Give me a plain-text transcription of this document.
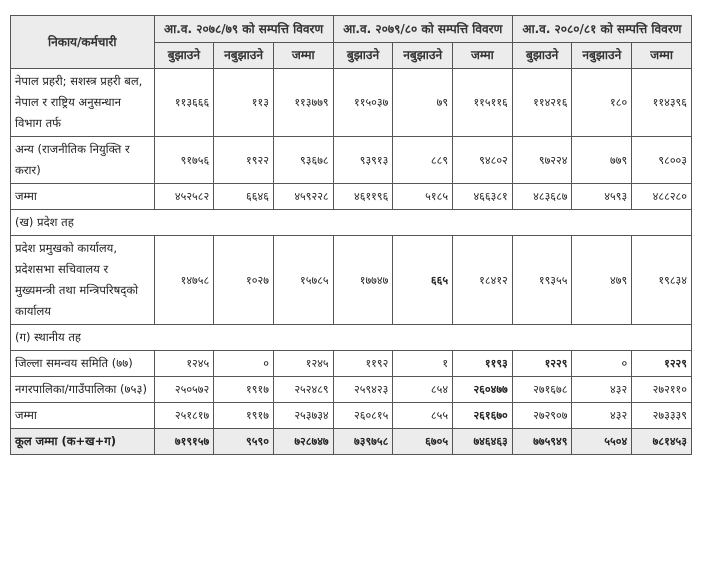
निकाय/कर्मचारी	आ.व. २०७८/७९ को सम्पत्ति विवरण			आ.व. २०७९/८० को सम्पत्ति विवरण			आ.व. २०८०/८१ को सम्पत्ति विवरण		
	बुझाउने	नबुझाउने	जम्मा	बुझाउने	नबुझाउने	जम्मा	बुझाउने	नबुझाउने	जम्मा
नेपाल प्रहरी; सशस्त्र प्रहरी बल, नेपाल र राष्ट्रिय अनुसन्धान विभाग तर्फ	११३६६६	११३	११३७७९	११५०३७	७९	११५११६	११४२१६	१८०	११४३९६
अन्य (राजनीतिक नियुक्ति र करार)	९१७५६	१९२२	९३६७८	९३९१३	८८९	९४८०२	९७२२४	७७९	९८००३
जम्मा	४५२५८२	६६४६	४५९२२८	४६११९६	५१८५	४६६३८१	४८३६८७	४५९३	४८८२८०
(ख) प्रदेश तह									
प्रदेश प्रमुखको कार्यालय, प्रदेशसभा सचिवालय र मुख्यमन्त्री तथा मन्त्रिपरिषद्को कार्यालय	१४७५८	१०२७	१५७८५	१७७४७	६६५	१८४१२	१९३५५	४७९	१९८३४
(ग) स्थानीय तह									
जिल्ला समन्वय समिति (७७)	१२४५	०	१२४५	११९२	१	११९३	१२२९	०	१२२९
नगरपालिका/गाउँपालिका (७५३)	२५०५७२	१९१७	२५२४८९	२५९४२३	८५४	२६०४७७	२७१६७८	४३२	२७२११०
जम्मा	२५१८१७	१९१७	२५३७३४	२६०८१५	८५५	२६१६७०	२७२९०७	४३२	२७३३३९
कूल जम्मा (क+ख+ग)	७१९१५७	९५९०	७२८७४७	७३९७५८	६७०५	७४६४६३	७७५९४९	५५०४	७८१४५३
